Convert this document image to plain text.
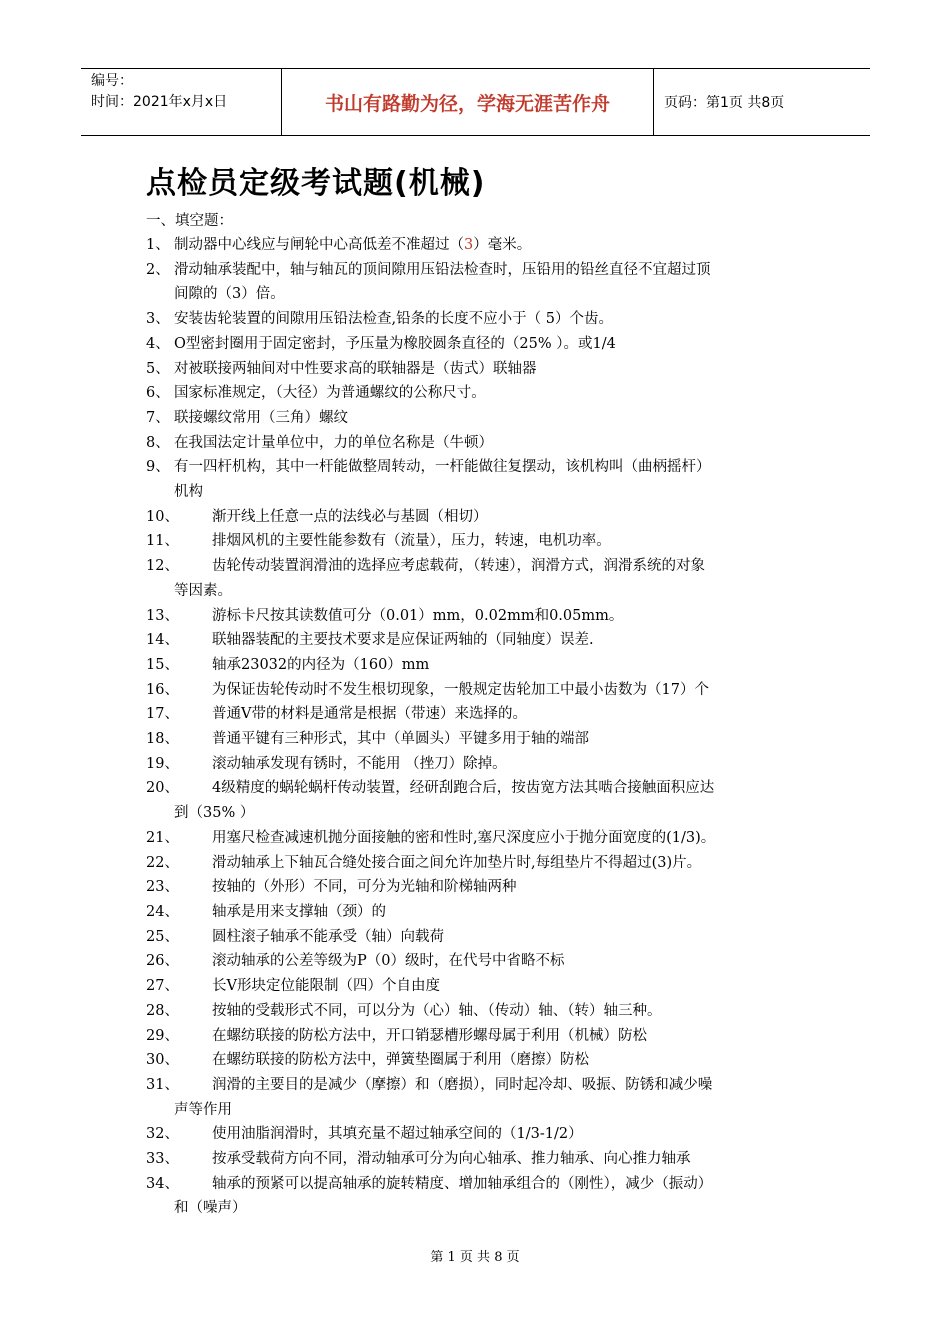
编号：
时间：2021年x月x日	书山有路勤为径，学海无涯苦作舟	页码：第1页 共8页
点检员定级考试题(机械)
一、填空题：
1、 制动器中心线应与闸轮中心高低差不准超过（3）毫米。
2、 滑动轴承装配中，轴与轴瓦的顶间隙用压铅法检查时，压铅用的铅丝直径不宜超过顶
间隙的（3）倍。
3、 安装齿轮装置的间隙用压铅法检查,铅条的长度不应小于（ 5）个齿。
4、 O型密封圈用于固定密封，予压量为橡胶圆条直径的（25% ）。或1/4
5、 对被联接两轴间对中性要求高的联轴器是（齿式）联轴器
6、 国家标准规定，（大径）为普通螺纹的公称尺寸。
7、 联接螺纹常用（三角）螺纹
8、 在我国法定计量单位中，力的单位名称是（牛顿）
9、 有一四杆机构，其中一杆能做整周转动，一杆能做往复摆动，该机构叫（曲柄摇杆）
机构
10、	渐开线上任意一点的法线必与基圆（相切）
11、	排烟风机的主要性能参数有（流量），压力，转速，电机功率。
12、	齿轮传动装置润滑油的选择应考虑载荷，（转速），润滑方式，润滑系统的对象
等因素。
13、	游标卡尺按其读数值可分（0.01）mm，0.02mm和0.05mm。
14、	联轴器装配的主要技术要求是应保证两轴的（同轴度）误差.
15、	轴承23032的内径为（160）mm
16、	为保证齿轮传动时不发生根切现象，一般规定齿轮加工中最小齿数为（17）个
17、	普通V带的材料是通常是根据（带速）来选择的。
18、	普通平键有三种形式，其中（单圆头）平键多用于轴的端部
19、	滚动轴承发现有锈时，不能用 （挫刀）除掉。
20、	4级精度的蜗轮蜗杆传动装置，经研刮跑合后，按齿宽方法其啮合接触面积应达
到（35% ）
21、	用塞尺检查减速机抛分面接触的密和性时,塞尺深度应小于抛分面宽度的(1/3)。
22、	滑动轴承上下轴瓦合缝处接合面之间允许加垫片时,每组垫片不得超过(3)片。
23、	按轴的（外形）不同，可分为光轴和阶梯轴两种
24、	轴承是用来支撑轴（颈）的
25、	圆柱滚子轴承不能承受（轴）向载荷
26、	滚动轴承的公差等级为P（0）级时，在代号中省略不标
27、	长V形块定位能限制（四）个自由度
28、	按轴的受载形式不同，可以分为（心）轴、（传动）轴、（转）轴三种。
29、	在螺纺联接的防松方法中，开口销瑟槽形螺母属于利用（机械）防松
30、	在螺纺联接的防松方法中，弹簧垫圈属于利用（磨擦）防松
31、	润滑的主要目的是减少（摩擦）和（磨损），同时起冷却、吸振、防锈和减少噪
声等作用
32、	使用油脂润滑时，其填充量不超过轴承空间的（1/3-1/2）
33、	按承受载荷方向不同，滑动轴承可分为向心轴承、推力轴承、向心推力轴承
34、	轴承的预紧可以提高轴承的旋转精度、增加轴承组合的（刚性），减少（振动）
和（噪声）
第 1 页 共 8 页
